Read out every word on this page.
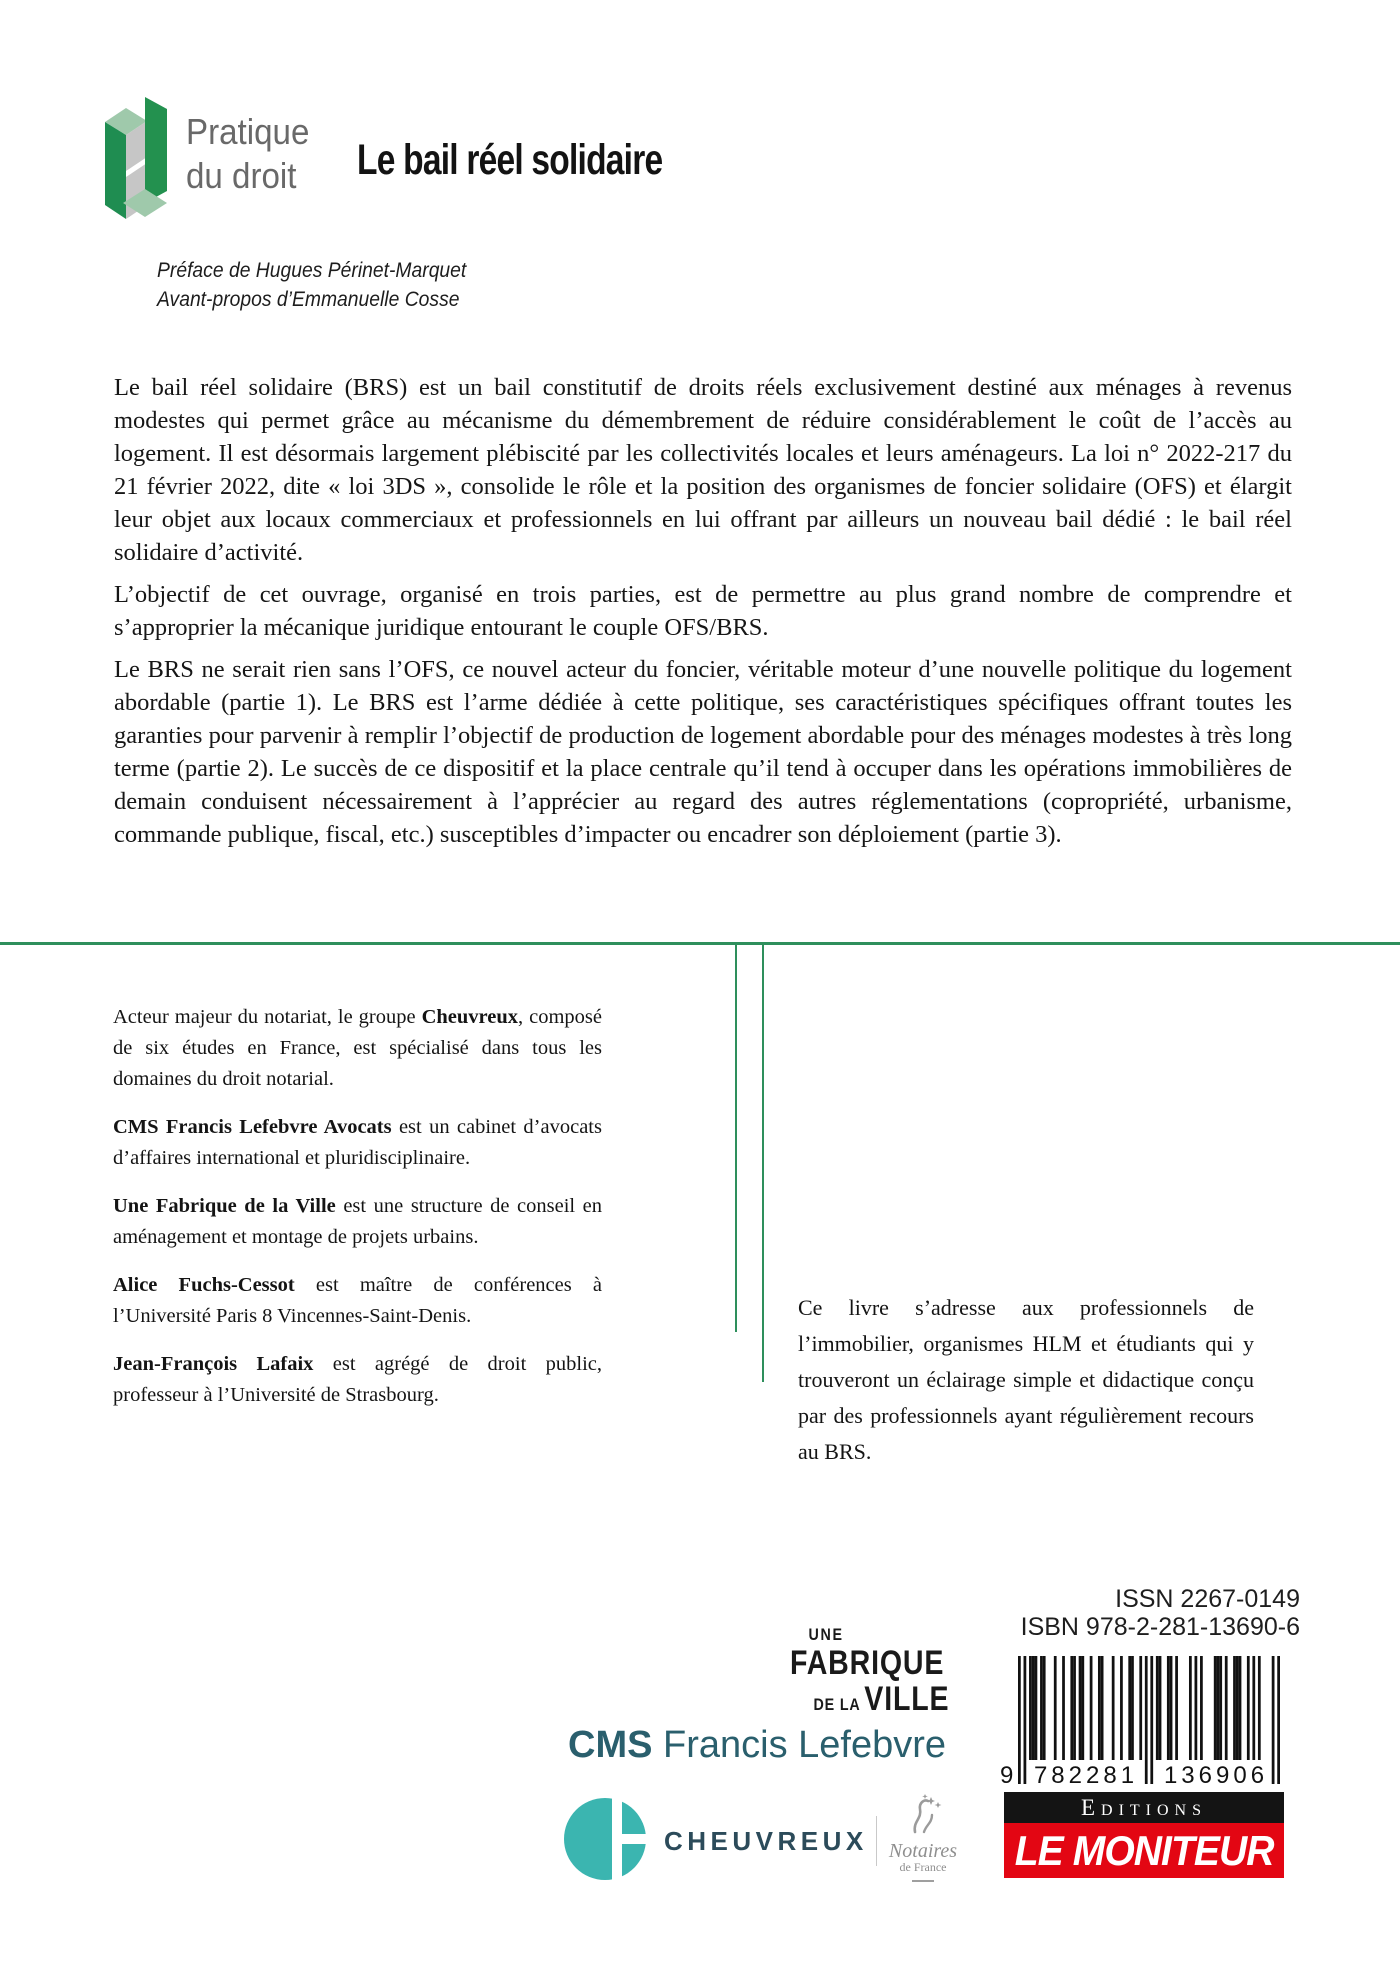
Pratique
du droit Le bail réel solidaire
Préface de Hugues Périnet-Marquet
Avant-propos d’Emmanuelle Cosse

Le bail réel solidaire (BRS) est un bail constitutif de droits réels exclusivement destiné aux ménages à revenus modestes qui permet grâce au mécanisme du démembrement de réduire considérablement le coût de l’accès au logement. Il est désormais largement plébiscité par les collectivités locales et leurs aménageurs. La loi n° 2022-217 du 21 février 2022, dite « loi 3DS », consolide le rôle et la position des organismes de foncier solidaire (OFS) et élargit leur objet aux locaux commerciaux et professionnels en lui offrant par ailleurs un nouveau bail dédié : le bail réel solidaire d’activité.

L’objectif de cet ouvrage, organisé en trois parties, est de permettre au plus grand nombre de comprendre et s’approprier la mécanique juridique entourant le couple OFS/BRS.

Le BRS ne serait rien sans l’OFS, ce nouvel acteur du foncier, véritable moteur d’une nouvelle politique du logement abordable (partie 1). Le BRS est l’arme dédiée à cette politique, ses caractéristiques spécifiques offrant toutes les garanties pour parvenir à remplir l’objectif de production de logement abordable pour des ménages modestes à très long terme (partie 2). Le succès de ce dispositif et la place centrale qu’il tend à occuper dans les opérations immobilières de demain conduisent nécessairement à l’apprécier au regard des autres réglementations (copropriété, urbanisme, commande publique, fiscal, etc.) susceptibles d’impacter ou encadrer son déploiement (partie 3).

Acteur majeur du notariat, le groupe Cheuvreux, composé de six études en France, est spécialisé dans tous les domaines du droit notarial.

CMS Francis Lefebvre Avocats est un cabinet d’avocats d’affaires international et pluridisciplinaire.

Une Fabrique de la Ville est une structure de conseil en aménagement et montage de projets urbains.

Alice Fuchs-Cessot est maître de conférences à l’Université Paris 8 Vincennes-Saint-Denis.

Jean-François Lafaix est agrégé de droit public, professeur à l’Université de Strasbourg.

Ce livre s’adresse aux professionnels de l’immobilier, organismes HLM et étudiants qui y trouveront un éclairage simple et didactique conçu par des professionnels ayant régulièrement recours au BRS.
UNE
FABRIQUE
DE LA VILLE
CMS Francis Lefebvre
CHEUVREUX	Notaires
de France
ISSN 2267-0149
ISBN 978-2-281-13690-6
9 782281 136906
Editions
LE MONITEUR
